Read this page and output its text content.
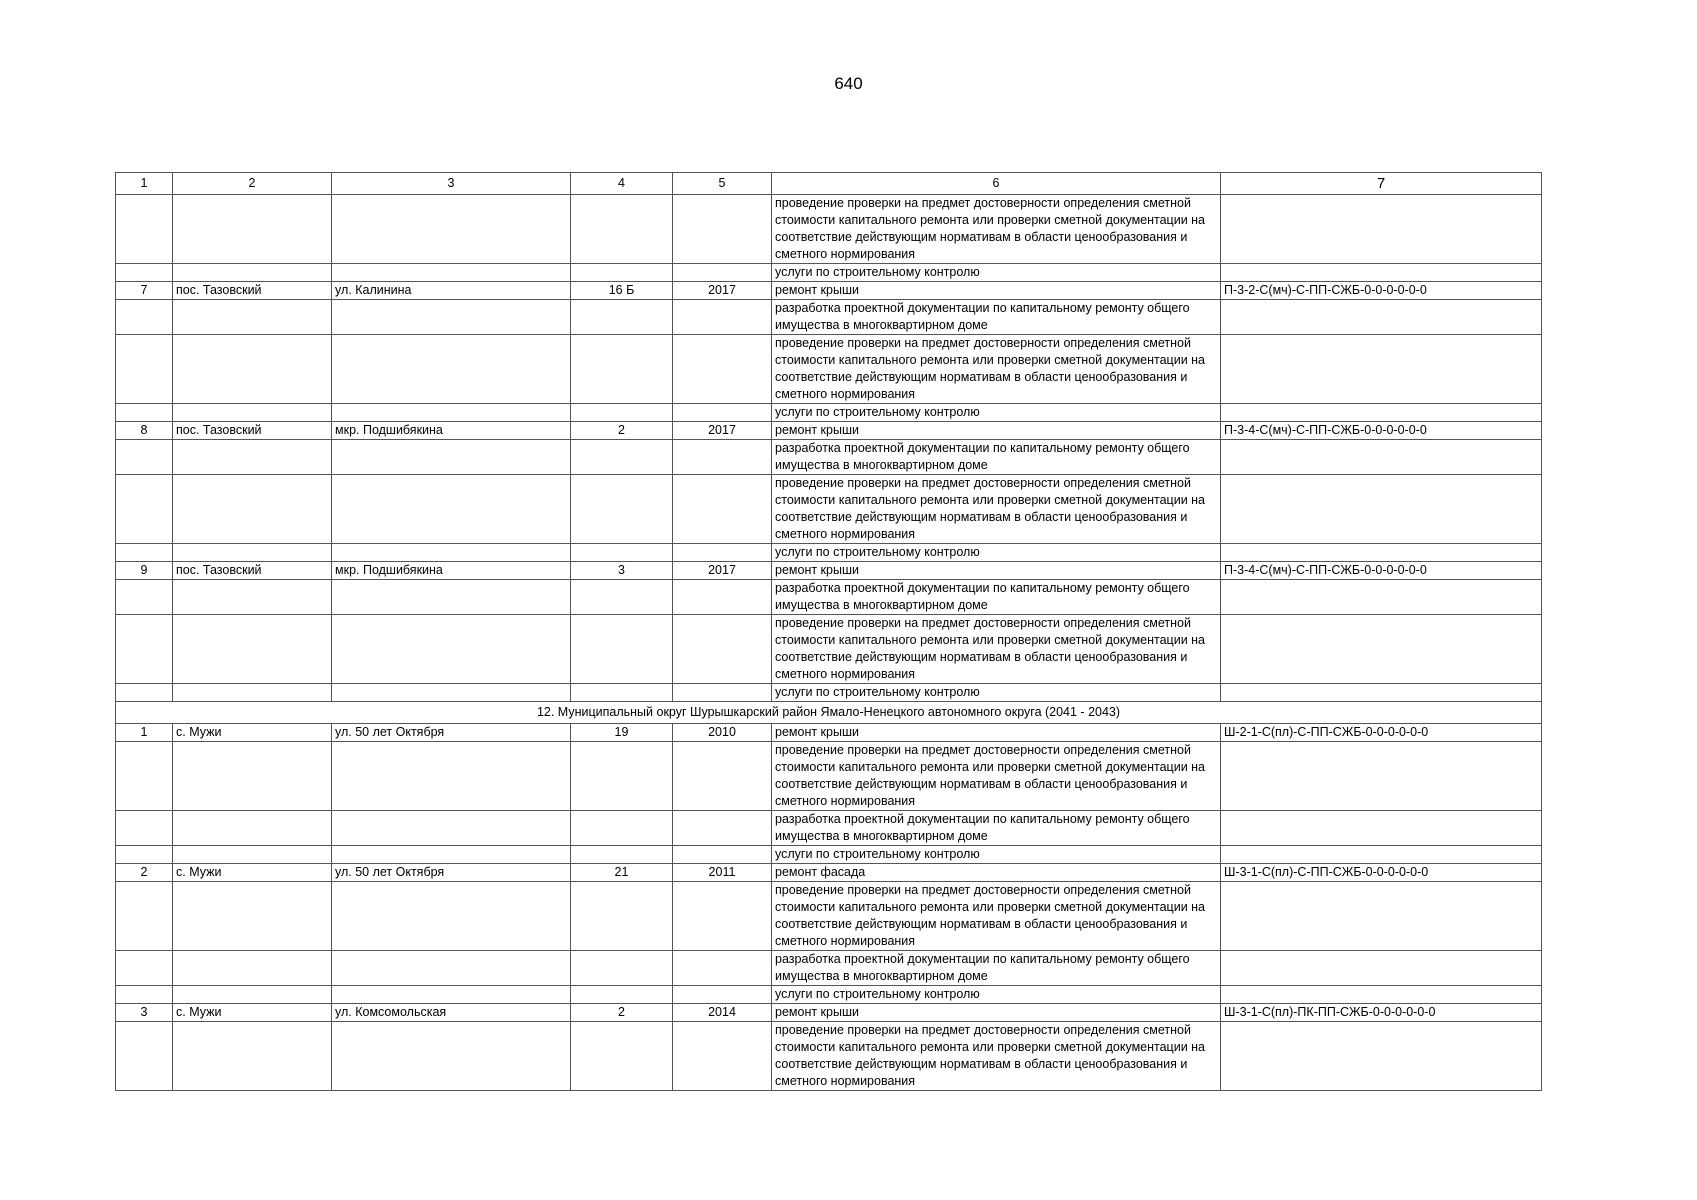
640
1	2	3	4	5	6	7
					проведение проверки на предмет достоверности определения сметной стоимости капитального ремонта или проверки сметной документации на соответствие действующим нормативам в области ценообразования и сметного нормирования	
					услуги по строительному контролю	
7	пос. Тазовский	ул. Калинина	16 Б	2017	ремонт крыши	П-3-2-С(мч)-С-ПП-СЖБ-0-0-0-0-0-0
					разработка проектной документации по капитальному ремонту общего имущества в многоквартирном доме	
					проведение проверки на предмет достоверности определения сметной стоимости капитального ремонта или проверки сметной документации на соответствие действующим нормативам в области ценообразования и сметного нормирования	
					услуги по строительному контролю	
8	пос. Тазовский	мкр. Подшибякина	2	2017	ремонт крыши	П-3-4-С(мч)-С-ПП-СЖБ-0-0-0-0-0-0
					разработка проектной документации по капитальному ремонту общего имущества в многоквартирном доме	
					проведение проверки на предмет достоверности определения сметной стоимости капитального ремонта или проверки сметной документации на соответствие действующим нормативам в области ценообразования и сметного нормирования	
					услуги по строительному контролю	
9	пос. Тазовский	мкр. Подшибякина	3	2017	ремонт крыши	П-3-4-С(мч)-С-ПП-СЖБ-0-0-0-0-0-0
					разработка проектной документации по капитальному ремонту общего имущества в многоквартирном доме	
					проведение проверки на предмет достоверности определения сметной стоимости капитального ремонта или проверки сметной документации на соответствие действующим нормативам в области ценообразования и сметного нормирования	
					услуги по строительному контролю	
12. Муниципальный округ Шурышкарский район Ямало-Ненецкого автономного округа (2041 - 2043)						
1	с. Мужи	ул. 50 лет Октября	19	2010	ремонт крыши	Ш-2-1-С(пл)-С-ПП-СЖБ-0-0-0-0-0-0
					проведение проверки на предмет достоверности определения сметной стоимости капитального ремонта или проверки сметной документации на соответствие действующим нормативам в области ценообразования и сметного нормирования	
					разработка проектной документации по капитальному ремонту общего имущества в многоквартирном доме	
					услуги по строительному контролю	
2	с. Мужи	ул. 50 лет Октября	21	2011	ремонт фасада	Ш-3-1-С(пл)-С-ПП-СЖБ-0-0-0-0-0-0
					проведение проверки на предмет достоверности определения сметной стоимости капитального ремонта или проверки сметной документации на соответствие действующим нормативам в области ценообразования и сметного нормирования	
					разработка проектной документации по капитальному ремонту общего имущества в многоквартирном доме	
					услуги по строительному контролю	
3	с. Мужи	ул. Комсомольская	2	2014	ремонт крыши	Ш-3-1-С(пл)-ПК-ПП-СЖБ-0-0-0-0-0-0
					проведение проверки на предмет достоверности определения сметной стоимости капитального ремонта или проверки сметной документации на соответствие действующим нормативам в области ценообразования и сметного нормирования	
